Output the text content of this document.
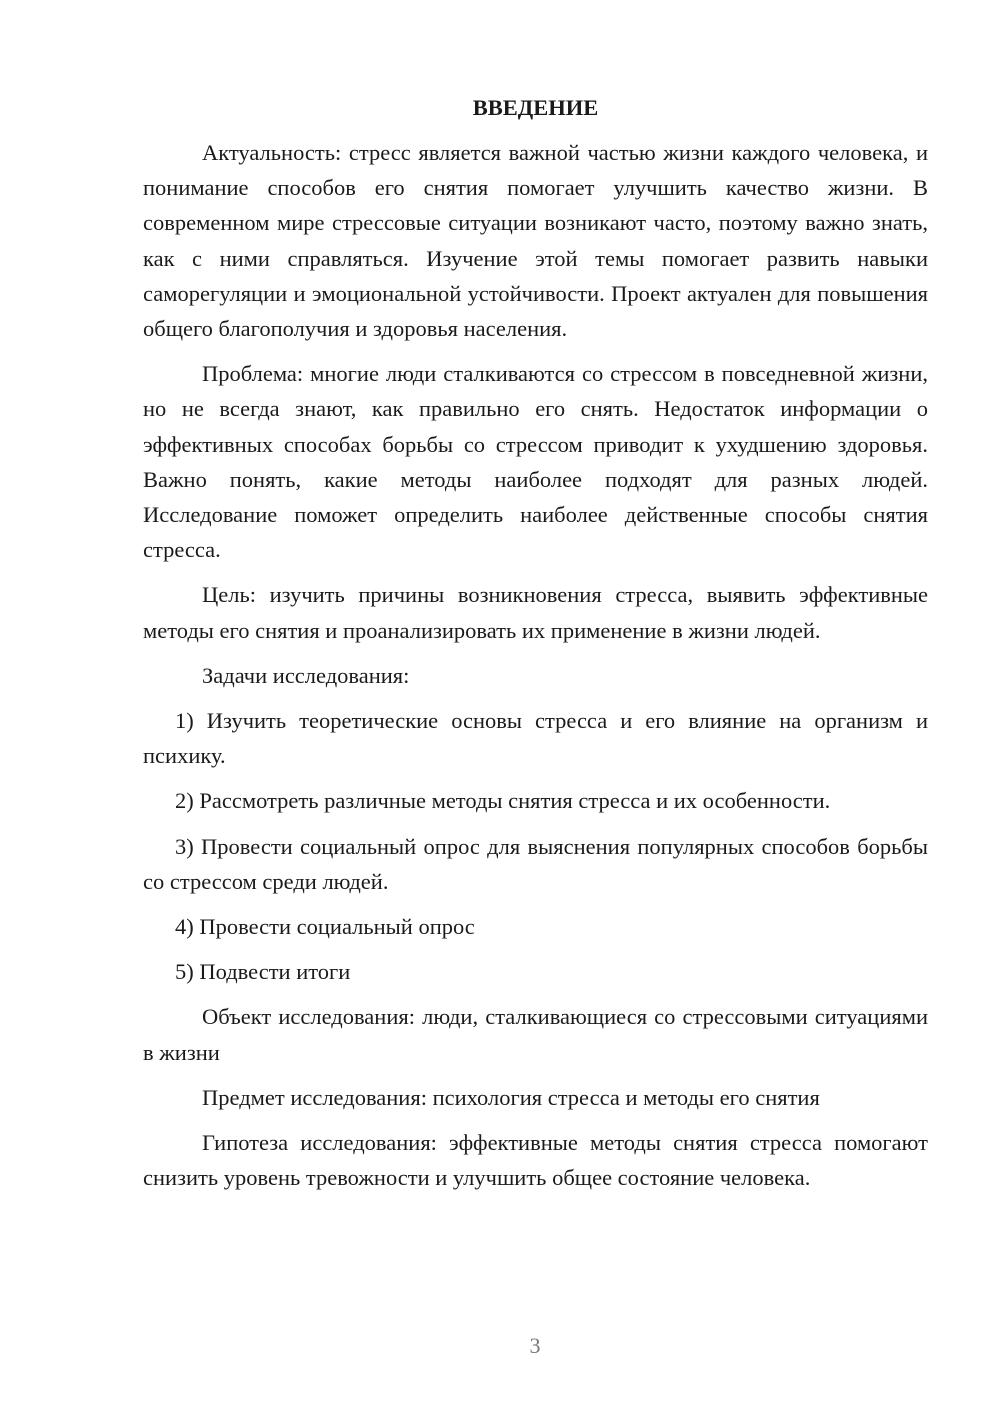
ВВЕДЕНИЕ

Актуальность: стресс является важной частью жизни каждого человека, и понимание способов его снятия помогает улучшить качество жизни. В современном мире стрессовые ситуации возникают часто, поэтому важно знать, как с ними справляться. Изучение этой темы помогает развить навыки саморегуляции и эмоциональной устойчивости. Проект актуален для повышения общего благополучия и здоровья населения.

Проблема: многие люди сталкиваются со стрессом в повседневной жизни, но не всегда знают, как правильно его снять. Недостаток информации о эффективных способах борьбы со стрессом приводит к ухудшению здоровья. Важно понять, какие методы наиболее подходят для разных людей. Исследование поможет определить наиболее действенные способы снятия стресса.

Цель: изучить причины возникновения стресса, выявить эффективные методы его снятия и проанализировать их применение в жизни людей.

Задачи исследования:

1) Изучить теоретические основы стресса и его влияние на организм и психику.

2) Рассмотреть различные методы снятия стресса и их особенности.

3) Провести социальный опрос для выяснения популярных способов борьбы со стрессом среди людей.

4) Провести социальный опрос

5) Подвести итоги

Объект исследования: люди, сталкивающиеся со стрессовыми ситуациями в жизни

Предмет исследования: психология стресса и методы его снятия

Гипотеза исследования: эффективные методы снятия стресса помогают снизить уровень тревожности и улучшить общее состояние человека.

3
